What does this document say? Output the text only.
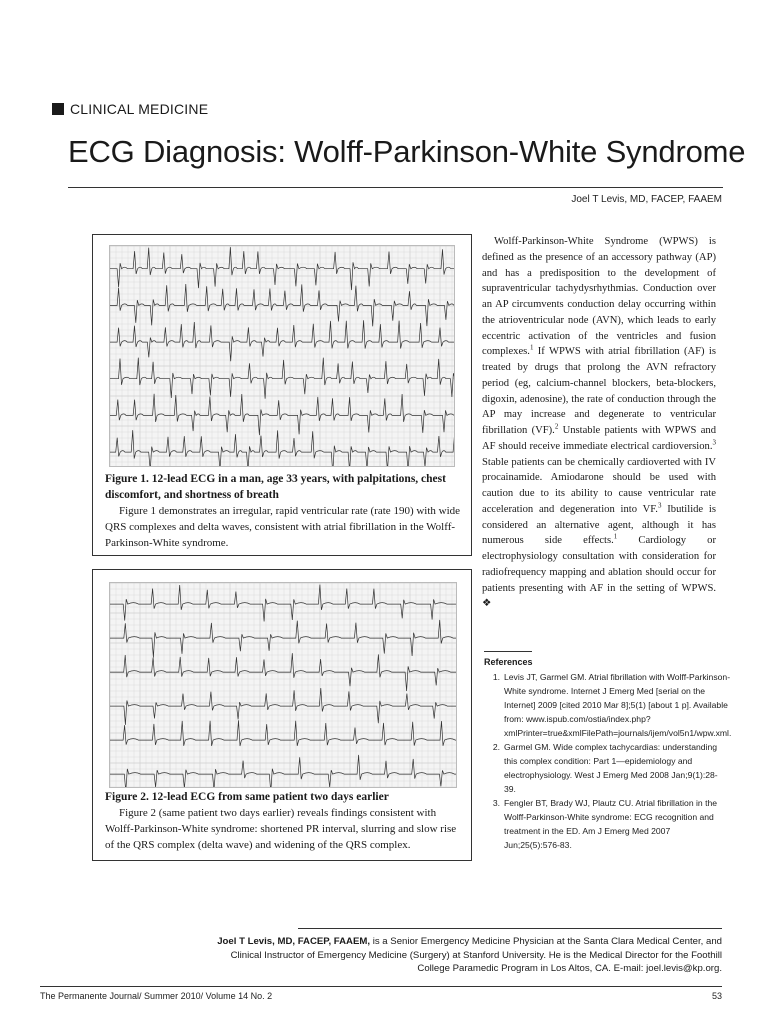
CLINICAL MEDICINE
ECG Diagnosis: Wolff-Parkinson-White Syndrome
Joel T Levis, MD, FACEP, FAAEM
Figure 1. 12-lead ECG in a man, age 33 years, with palpitations, chest discomfort, and shortness of breath
Figure 1 demonstrates an irregular, rapid ventricular rate (rate 190) with wide QRS complexes and delta waves, consistent with atrial fibrillation in the Wolff-Parkinson-White syndrome.
Figure 2. 12-lead ECG from same patient two days earlier
Figure 2 (same patient two days earlier) reveals findings consistent with Wolff-Parkinson-White syndrome: shortened PR interval, slurring and slow rise of the QRS complex (delta wave) and widening of the QRS complex.

Wolff-Parkinson-White Syndrome (WPWS) is defined as the presence of an accessory pathway (AP) and has a predisposition to the development of supraventricular tachydysrhythmias. Conduction over an AP circumvents conduction delay occurring within the atrioventricular node (AVN), which leads to early eccentric activation of the ventricles and fusion complexes.$^1$ If WPWS with atrial fibrillation (AF) is treated by drugs that prolong the AVN refractory period (eg, calcium-channel blockers, beta-blockers, digoxin, adenosine), the rate of conduction through the AP may increase and degenerate to ventricular fibrillation (VF).$^2$ Unstable patients with WPWS and AF should receive immediate electrical cardioversion.$^3$ Stable patients can be chemically cardioverted with IV procainamide. Amiodarone should be used with caution due to its ability to cause ventricular rate acceleration and degeneration into VF.$^3$ Ibutilide is considered an alternative agent, although it has numerous side effects.$^1$ Cardiology or electrophysiology consultation with consideration for radiofrequency mapping and ablation should occur for patients presenting with AF in the setting of WPWS. ❖

References
1. Levis JT, Garmel GM. Atrial fibrillation with Wolff-Parkinson-White syndrome. Internet J Emerg Med [serial on the Internet] 2009 [cited 2010 Mar 8];5(1) [about 1 p]. Available from: www.ispub.com/ostia/index.php?xmlPrinter=true&xmlFilePath=journals/ijem/vol5n1/wpw.xml.
2. Garmel GM. Wide complex tachycardias: understanding this complex condition: Part 1—epidemiology and electrophysiology. West J Emerg Med 2008 Jan;9(1):28-39.
3. Fengler BT, Brady WJ, Plautz CU. Atrial fibrillation in the Wolff-Parkinson-White syndrome: ECG recognition and treatment in the ED. Am J Emerg Med 2007 Jun;25(5):576-83.
Joel T Levis, MD, FACEP, FAAEM, is a Senior Emergency Medicine Physician at the Santa Clara Medical Center, and Clinical Instructor of Emergency Medicine (Surgery) at Stanford University. He is the Medical Director for the Foothill College Paramedic Program in Los Altos, CA. E-mail: joel.levis@kp.org.
The Permanente Journal/ Summer 2010/ Volume 14 No. 2	53
